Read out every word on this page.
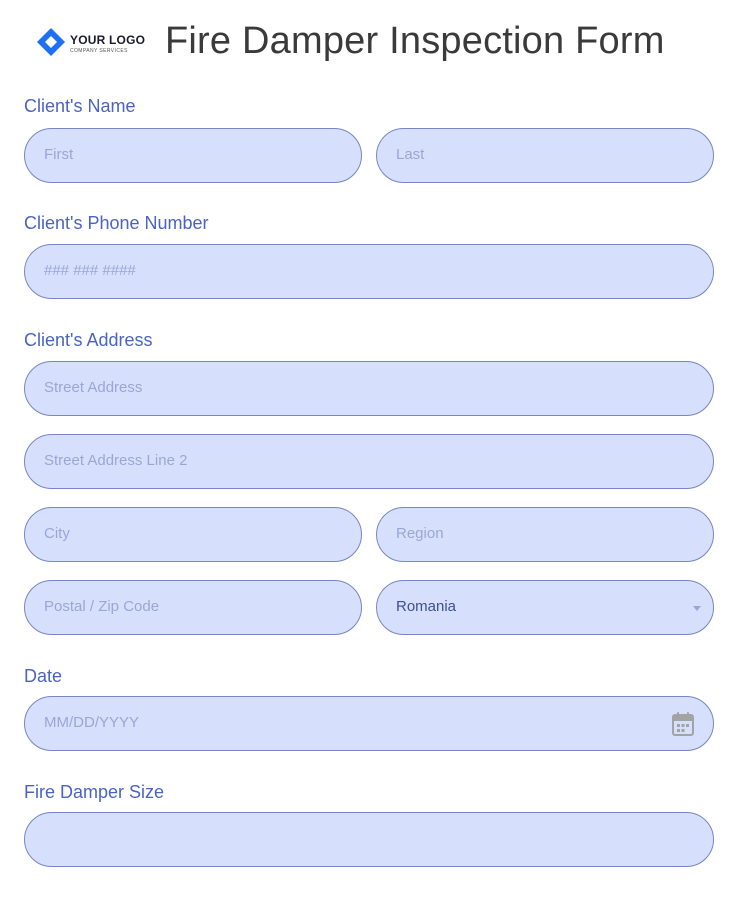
YOUR LOGO
COMPANY SERVICES Fire Damper Inspection Form
Client's Name
First	Last
Client's Phone Number
### ### ####
Client's Address
Street Address
Street Address Line 2
City	Region
Postal / Zip Code	Romania
Date
MM/DD/YYYY
Fire Damper Size
